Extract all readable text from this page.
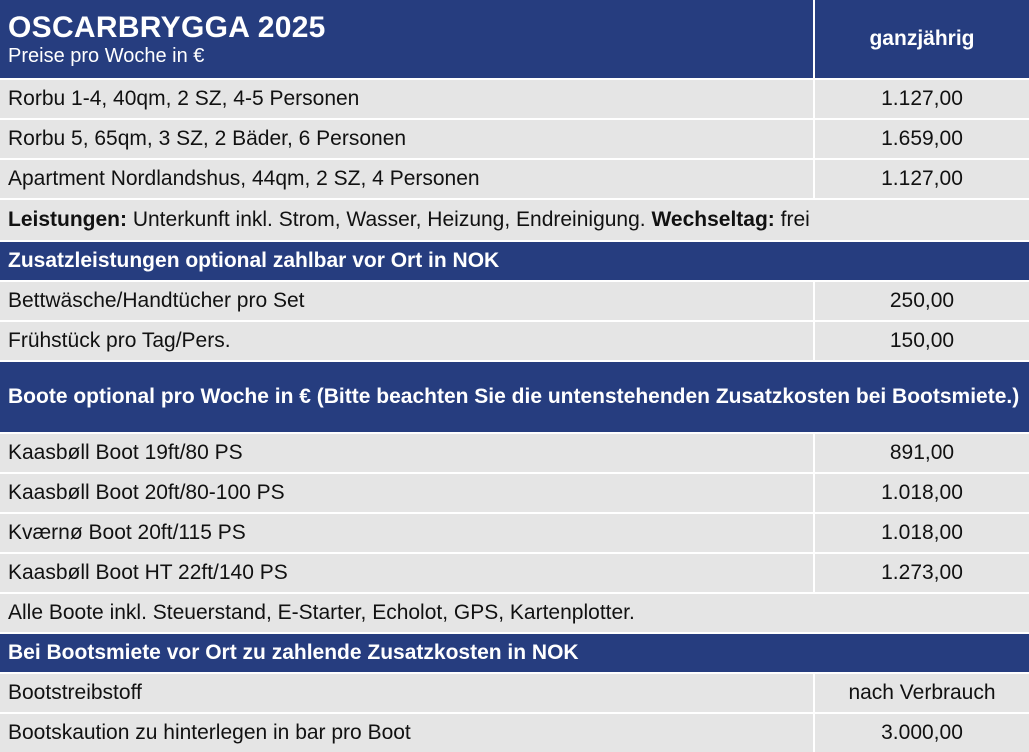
OSCARBRYGGA 2025
Preise pro Woche in €
ganzjährig
Rorbu 1-4, 40qm, 2 SZ, 4-5 Personen	1.127,00
Rorbu 5, 65qm, 3 SZ, 2 Bäder, 6 Personen	1.659,00
Apartment Nordlandshus, 44qm, 2 SZ, 4 Personen	1.127,00
Leistungen: Unterkunft inkl. Strom, Wasser, Heizung, Endreinigung. Wechseltag: frei
Zusatzleistungen optional zahlbar vor Ort in NOK
Bettwäsche/Handtücher pro Set	250,00
Frühstück pro Tag/Pers.	150,00
Boote optional pro Woche in € (Bitte beachten Sie die untenstehenden Zusatzkosten bei Bootsmiete.)
Kaasbøll Boot 19ft/80 PS	891,00
Kaasbøll Boot 20ft/80-100 PS	1.018,00
Kværnø Boot 20ft/115 PS	1.018,00
Kaasbøll Boot HT 22ft/140 PS	1.273,00
Alle Boote inkl. Steuerstand, E-Starter, Echolot, GPS, Kartenplotter.
Bei Bootsmiete vor Ort zu zahlende Zusatzkosten in NOK
Bootstreibstoff	nach Verbrauch
Bootskaution zu hinterlegen in bar pro Boot	3.000,00
